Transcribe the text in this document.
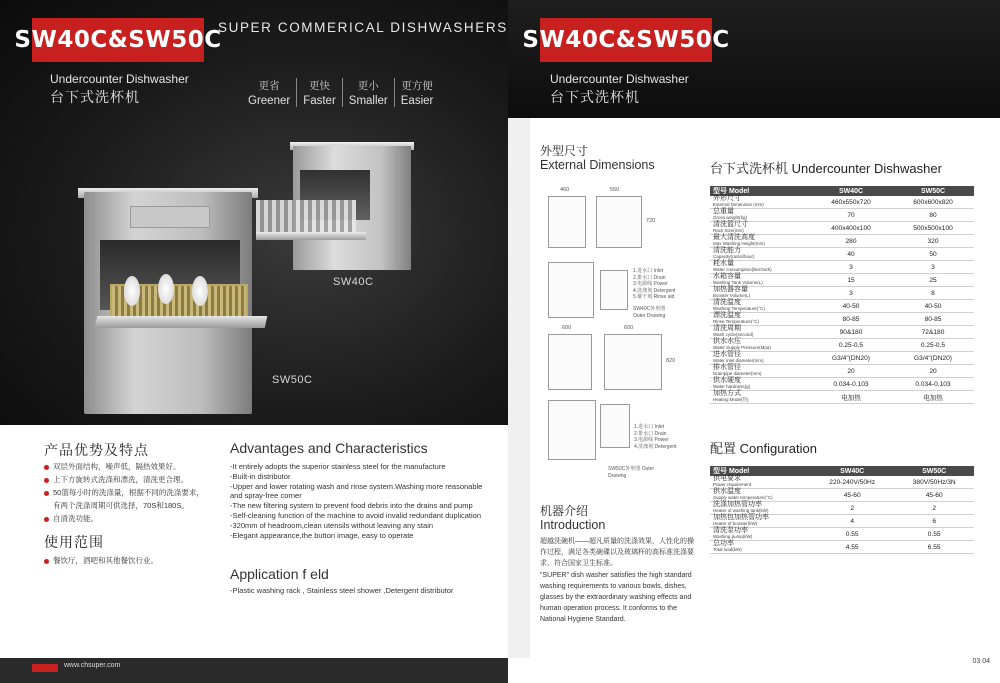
SW40C&SW50C
SUPER COMMERICAL DISHWASHERS
Undercounter Dishwasher
台下式洗杯机
更省
Greener
更快
Faster
更小
Smaller
更方便
Easier
SW40C
SW50C
产品优势及特点
双层外面结构，噪声低，隔热效果好。
上下方旋转式洗涤和漂洗，清洗更合理。
50篮每小时的洗涤量，根据不同的洗涤要求，
有两个洗涤周期可供选择，70S和180S。
自清洗功能。
使用范围
餐饮厅，酒吧和其他餐饮行业。
Advantages and Characteristics
-It entirely adopts the superior stainless steel for the manufacture
-Built-in distributor
-Upper and lower rotating wash and rinse system.Washing more reasonable
and spray-free corner
-The new filtering system to prevent food debris into the drains and pump
-Self-cleaning function of the machine to avoid invalid redundant duplication
-320mm of headroom,clean utensils without leaving any stain
-Elegant appearance,the button image, easy to operate
Application f eld
-Plastic washing rack , Stainless steel shower ,Detergent distributor
www.chsuper.com
SW40C&SW50C
Undercounter Dishwasher
台下式洗杯机
外型尺寸
External Dimensions
460	550
720
1.进水口 Inlet
2.排水口 Drain
3.电源线 Power
4.洗涤剂 Detergent
5.催干剂 Rinse aid
SW40C外形图 Outer Drawing
600	600
820
1.进水口 Inlet
2.排水口 Drain
3.电源线 Power
4.洗涤剂 Detergent
SW50C外形图 Outer Drawing
机器介绍
Introduction
超越洗碗机——超凡质量的洗涤效果，人性化的操作过程，满足各类碗碟以及玻璃杯的高标准洗涤要求，符合国家卫生标准。
"SUPER" dish washer satisfies the high standard washing requirements to various bowls, dishes, glasses by the extraordinary washing effects and human operation process. It conforms to the National Hygiene Standard.
台下式洗杯机 Undercounter Dishwasher
型号 Model	SW40C	SW50C

外形尺寸
External Dimension (mm)	460x550x720	600x600x820

总重量
Gross weight(kg)	70	80

清洗篮尺寸
Rack Size(mm)	400x400x100	500x500x100

最大清洗高度
Max Washing Height(mm)	280	320

清洗能力
Capacity(racks/hour)	40	50

耗水量
Water consumption(liter/rack)	3	3

水箱容量
Washing Tank Volume(L)	15	25

加热器容量
Booster Volume(L)	3	8

清洗温度
Washing Temperature(°C)	40-50	40-50

漂洗温度
Rinse Temperature(°C)	80-85	80-85

清洗周期
Wash cycle(second)	90&180	72&180

供水水压
Water Supply Pressure(Mpa)	0.25-0.5	0.25-0.5

进水管径
Water inlet diameter(mm)	G3/4"(DN20)	G3/4"(DN20)

排水管径
Drainpipe diameter(mm)	20	20

供水硬度
Water hardness(g)	0.034-0.103	0.034-0.103

加热方式
Heating Mode(热)	电加热	电加热
配置 Configuration
型号 Model	SW40C	SW50C

供电要求
Power requirement	220-240V/50Hz	380V/50Hz/3N

供水温度
Supply water temperature(°C)	45-60	45-60

洗涤加热管功率
Heater of washing tank(kW)	2	2

加热包加热管功率
Heater of booster(kW)	4	6

清洗泵功率
Washing pump(kW)	0.55	0.55

总功率
Total load(kW)	4.55	6.55
03 04
